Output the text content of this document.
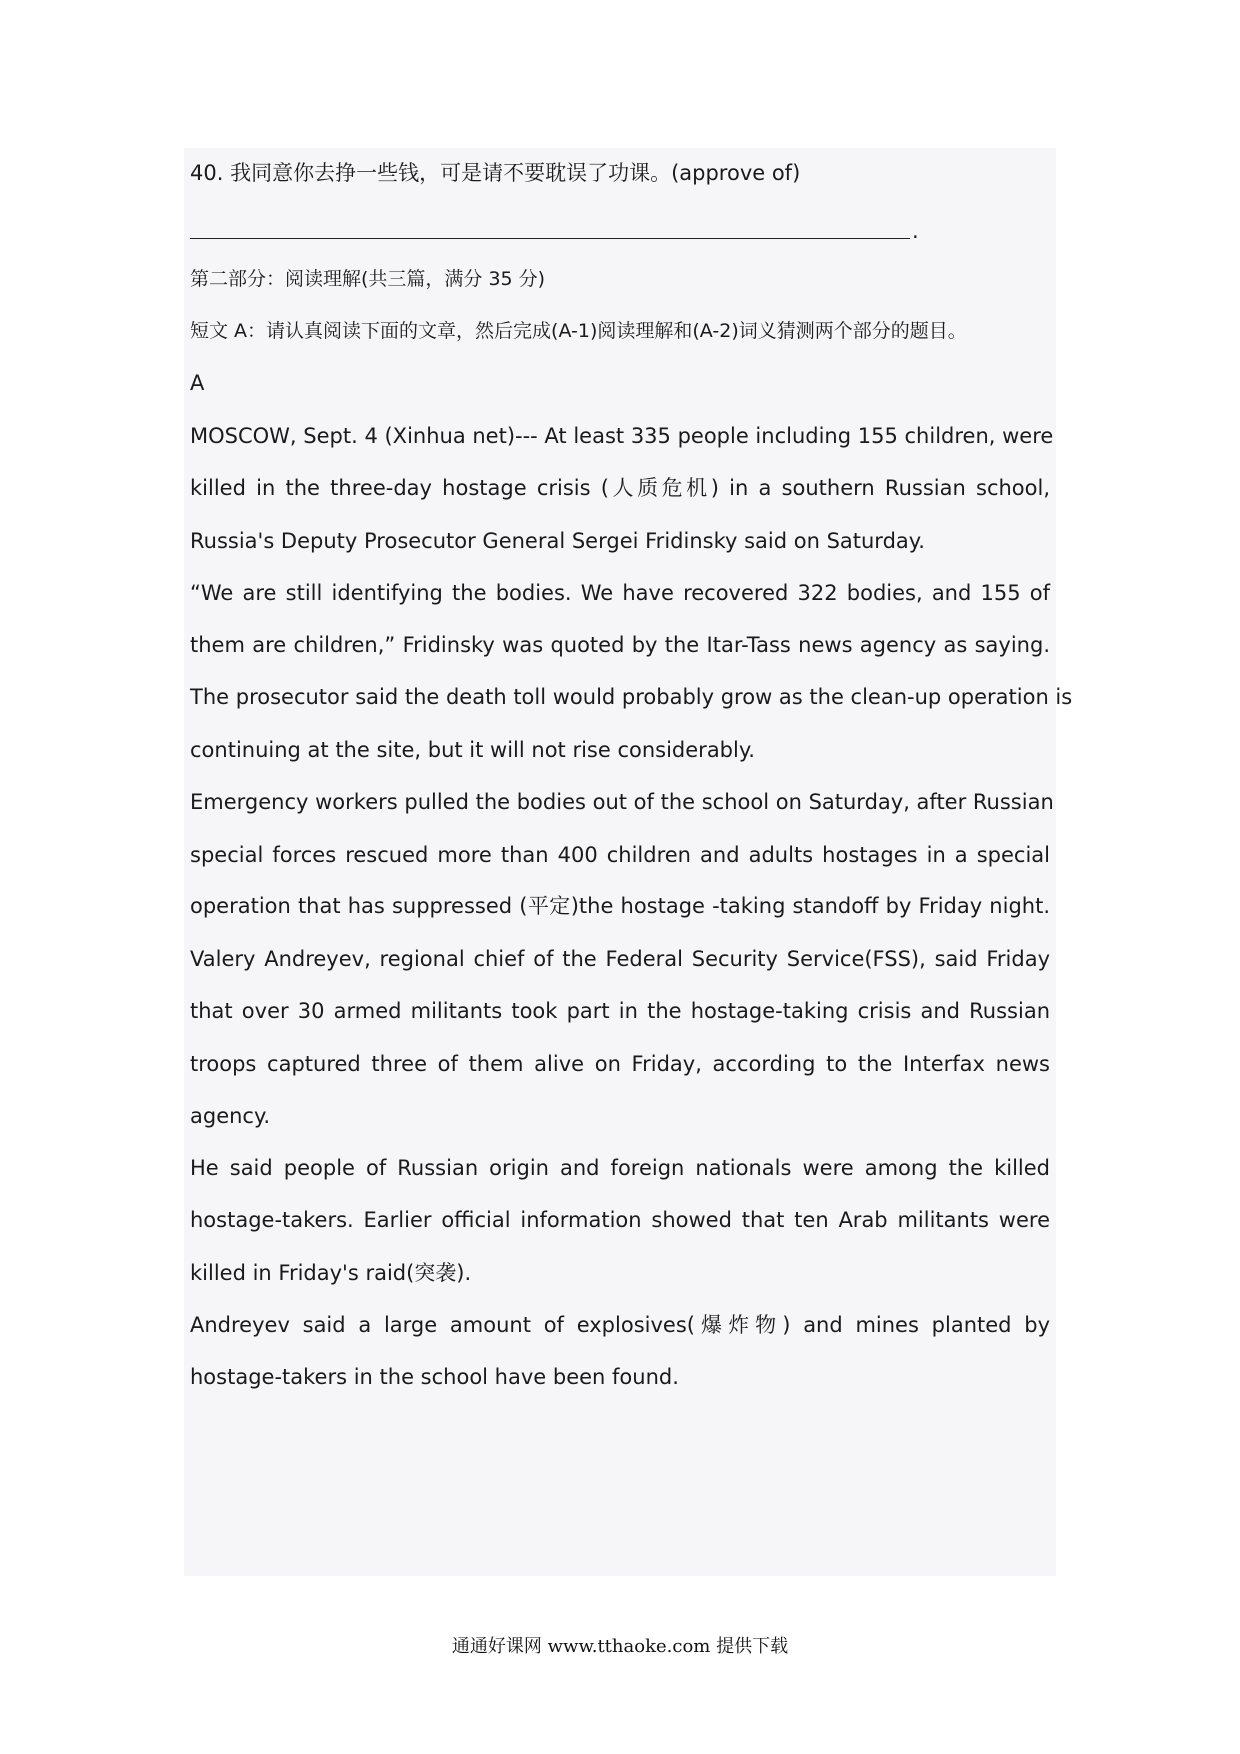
40. 我同意你去挣一些钱，可是请不要耽误了功课。(approve of)
.
第二部分：阅读理解(共三篇，满分 35 分)
短文 A：请认真阅读下面的文章，然后完成(A-1)阅读理解和(A-2)词义猜测两个部分的题目。
A
MOSCOW, Sept. 4 (Xinhua net)--- At least 335 people including 155 children, were
killed in the three-day hostage crisis (人质危机) in a southern Russian school,
Russia's Deputy Prosecutor General Sergei Fridinsky said on Saturday.
“We are still identifying the bodies. We have recovered 322 bodies, and 155 of
them are children,” Fridinsky was quoted by the Itar-Tass news agency as saying.
The prosecutor said the death toll would probably grow as the clean-up operation is
continuing at the site, but it will not rise considerably.
Emergency workers pulled the bodies out of the school on Saturday, after Russian
special forces rescued more than 400 children and adults hostages in a special
operation that has suppressed (平定)the hostage -taking standoff by Friday night.
Valery Andreyev, regional chief of the Federal Security Service(FSS), said Friday
that over 30 armed militants took part in the hostage-taking crisis and Russian
troops captured three of them alive on Friday, according to the Interfax news
agency.
He said people of Russian origin and foreign nationals were among the killed
hostage-takers. Earlier official information showed that ten Arab militants were
killed in Friday's raid(突袭).
Andreyev said a large amount of explosives(爆炸物) and mines planted by
hostage-takers in the school have been found.
通通好课网 www.tthaoke.com 提供下载
